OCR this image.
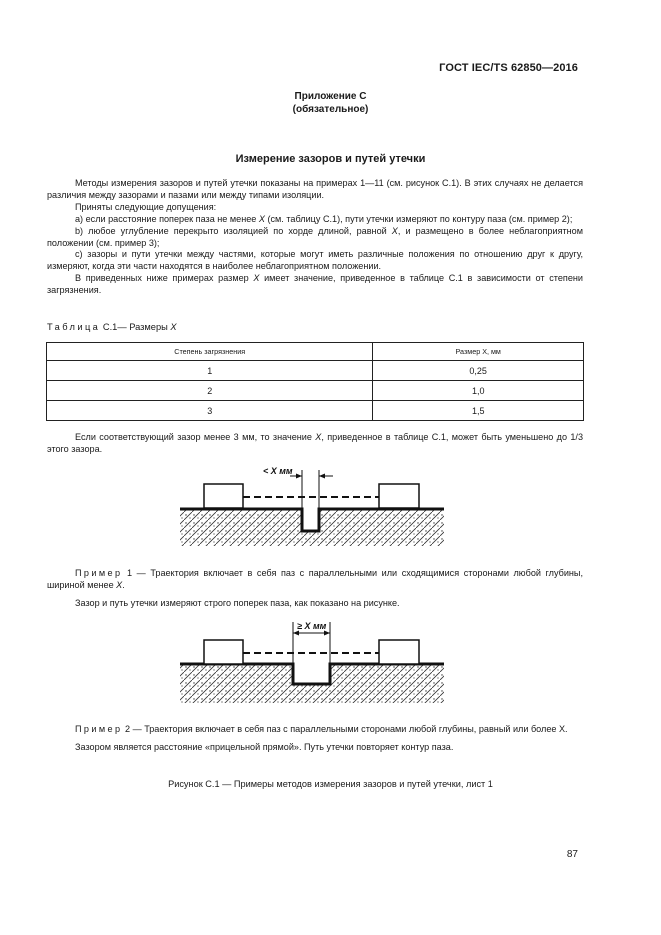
ГОСТ IEC/TS 62850—2016
Приложение С
(обязательное)
Измерение зазоров и путей утечки

Методы измерения зазоров и путей утечки показаны на примерах 1—11 (см. рисунок С.1). В этих случаях не делается различия между зазорами и пазами или между типами изоляции.

Приняты следующие допущения:

а) если расстояние поперек паза не менее X (см. таблицу С.1), пути утечки измеряют по контуру паза (см. пример 2);

b) любое углубление перекрыто изоляцией по хорде длиной, равной X, и размещено в более неблагоприятном положении (см. пример 3);

с) зазоры и пути утечки между частями, которые могут иметь различные положения по отношению друг к другу, измеряют, когда эти части находятся в наиболее неблагоприятном положении.

В приведенных ниже примерах размер X имеет значение, приведенное в таблице С.1 в зависимости от степени загрязнения.

Таблица С.1— Размеры X
Степень загрязнения	Размер X, мм
1	0,25
2	1,0
3	1,5

Если соответствующий зазор менее 3 мм, то значение X, приведенное в таблице С.1, может быть уменьшено до 1/3 этого зазора.

< X мм

Пример 1 — Траектория включает в себя паз с параллельными или сходящимися сторонами любой глубины, шириной менее X.

Зазор и путь утечки измеряют строго поперек паза, как показано на рисунке.

≥ X мм

Пример 2 — Траектория включает в себя паз с параллельными сторонами любой глубины, равный или более X.

Зазором является расстояние «прицельной прямой». Путь утечки повторяет контур паза.

Рисунок С.1 — Примеры методов измерения зазоров и путей утечки, лист 1
87
